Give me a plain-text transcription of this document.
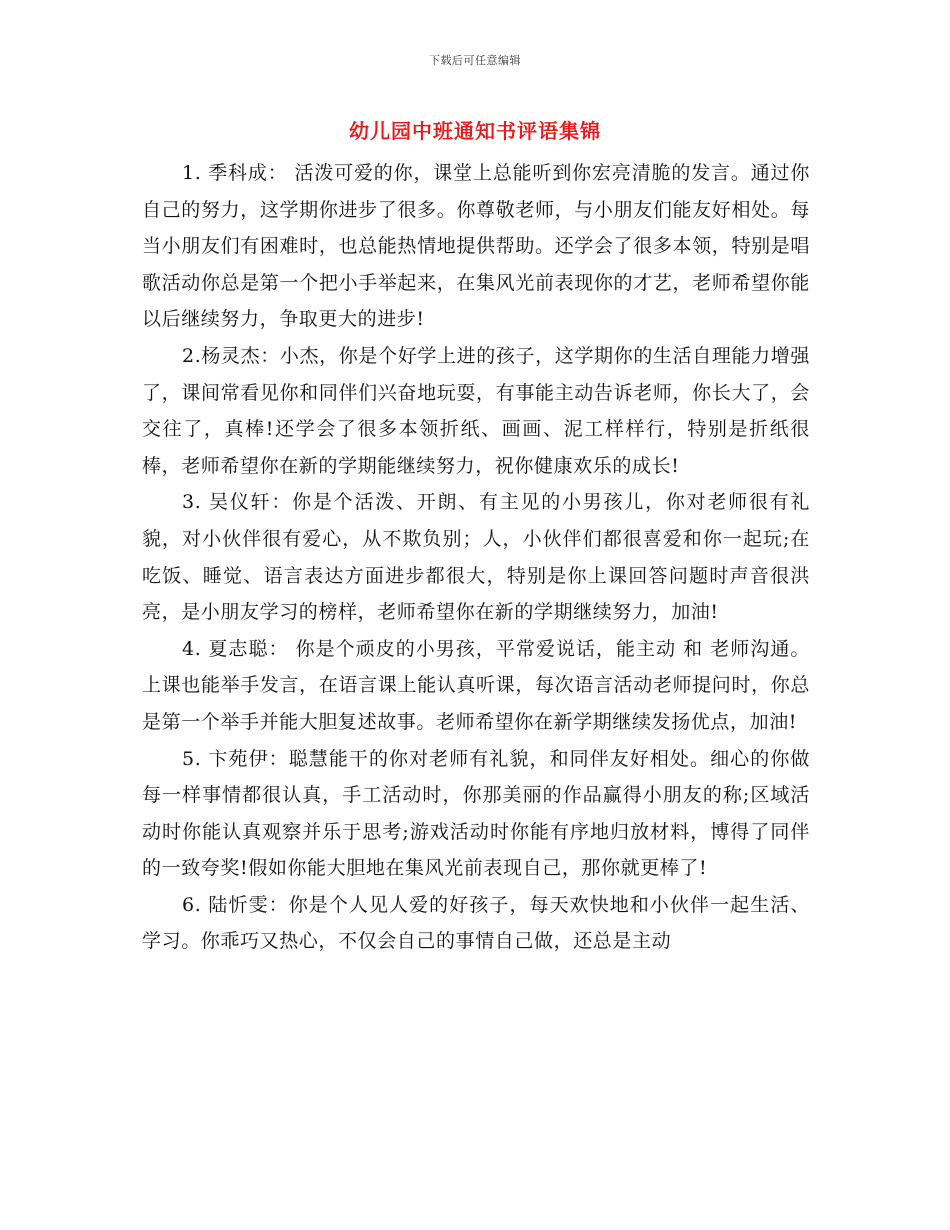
下载后可任意编辑
幼儿园中班通知书评语集锦

1. 季科成： 活泼可爱的你，课堂上总能听到你宏亮清脆的发言。通过你自己的努力，这学期你进步了很多。你尊敬老师，与小朋友们能友好相处。每当小朋友们有困难时，也总能热情地提供帮助。还学会了很多本领，特别是唱歌活动你总是第一个把小手举起来，在集风光前表现你的才艺，老师希望你能以后继续努力，争取更大的进步!

2.杨灵杰：小杰，你是个好学上进的孩子，这学期你的生活自理能力增强了，课间常看见你和同伴们兴奋地玩耍，有事能主动告诉老师，你长大了，会交往了，真棒!还学会了很多本领折纸、画画、泥工样样行，特别是折纸很棒，老师希望你在新的学期能继续努力，祝你健康欢乐的成长!

3. 吴仪轩：你是个活泼、开朗、有主见的小男孩儿，你对老师很有礼貌，对小伙伴很有爱心，从不欺负别；人，小伙伴们都很喜爱和你一起玩;在吃饭、睡觉、语言表达方面进步都很大，特别是你上课回答问题时声音很洪亮，是小朋友学习的榜样，老师希望你在新的学期继续努力，加油!

4. 夏志聪： 你是个顽皮的小男孩，平常爱说话，能主动 和 老师沟通。上课也能举手发言，在语言课上能认真听课，每次语言活动老师提问时，你总是第一个举手并能大胆复述故事。老师希望你在新学期继续发扬优点，加油!

5. 卞苑伊：聪慧能干的你对老师有礼貌，和同伴友好相处。细心的你做每一样事情都很认真，手工活动时，你那美丽的作品赢得小朋友的称;区域活动时你能认真观察并乐于思考;游戏活动时你能有序地归放材料，博得了同伴的一致夸奖!假如你能大胆地在集风光前表现自己，那你就更棒了!

6. 陆忻雯：你是个人见人爱的好孩子，每天欢快地和小伙伴一起生活、学习。你乖巧又热心，不仅会自己的事情自己做，还总是主动
